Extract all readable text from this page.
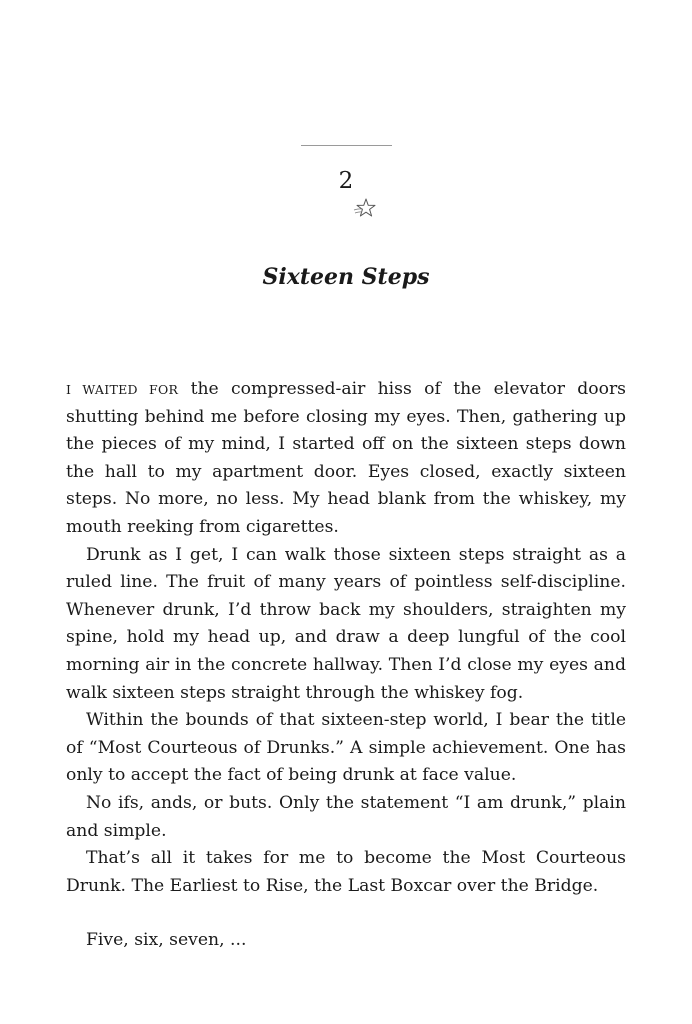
2
Sixteen Steps

I WAITED FOR the compressed-air hiss of the elevator doors shutting behind me before closing my eyes. Then, gathering up the pieces of my mind, I started off on the sixteen steps down the hall to my apartment door. Eyes closed, exactly sixteen steps. No more, no less. My head blank from the whiskey, my mouth reeking from cigarettes.

Drunk as I get, I can walk those sixteen steps straight as a ruled line. The fruit of many years of pointless self-discipline. Whenever drunk, I’d throw back my shoulders, straighten my spine, hold my head up, and draw a deep lungful of the cool morning air in the concrete hallway. Then I’d close my eyes and walk sixteen steps straight through the whiskey fog.

Within the bounds of that sixteen-step world, I bear the title of “Most Courteous of Drunks.” A simple achievement. One has only to accept the fact of being drunk at face value.

No ifs, ands, or buts. Only the statement “I am drunk,” plain and simple.

That’s all it takes for me to become the Most Courteous Drunk. The Earliest to Rise, the Last Boxcar over the Bridge.

Five, six, seven, ...
